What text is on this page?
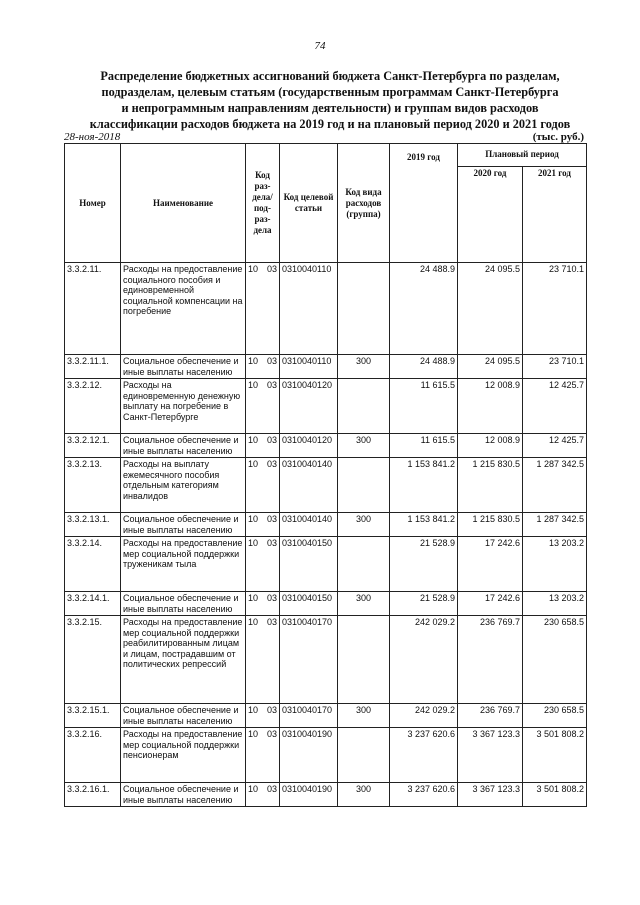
74
Распределение бюджетных ассигнований бюджета Санкт-Петербурга по разделам,
подразделам, целевым статьям (государственным программам Санкт-Петербурга
и непрограммным направлениям деятельности) и группам видов расходов
классификации расходов бюджета на 2019 год и на плановый период 2020 и 2021 годов
28-ноя-2018	(тыс. руб.)
Номер	Наименование	Код раз-дела/ под-раз-дела	Код целевой статьи	Код вида расходов (группа)	2019 год	Плановый период	
						2020 год	2021 год
3.3.2.11.	Расходы на предоставление социального пособия и единовременной социальной компенсации на погребение	10 03	0310040110		24 488.9	24 095.5	23 710.1
3.3.2.11.1.	Социальное обеспечение и иные выплаты населению	10 03	0310040110	300	24 488.9	24 095.5	23 710.1
3.3.2.12.	Расходы на единовременную денежную выплату на погребение в Санкт-Петербурге	10 03	0310040120		11 615.5	12 008.9	12 425.7
3.3.2.12.1.	Социальное обеспечение и иные выплаты населению	10 03	0310040120	300	11 615.5	12 008.9	12 425.7
3.3.2.13.	Расходы на выплату ежемесячного пособия отдельным категориям инвалидов	10 03	0310040140		1 153 841.2	1 215 830.5	1 287 342.5
3.3.2.13.1.	Социальное обеспечение и иные выплаты населению	10 03	0310040140	300	1 153 841.2	1 215 830.5	1 287 342.5
3.3.2.14.	Расходы на предоставление мер социальной поддержки труженикам тыла	10 03	0310040150		21 528.9	17 242.6	13 203.2
3.3.2.14.1.	Социальное обеспечение и иные выплаты населению	10 03	0310040150	300	21 528.9	17 242.6	13 203.2
3.3.2.15.	Расходы на предоставление мер социальной поддержки реабилитированным лицам и лицам, пострадавшим от политических репрессий	10 03	0310040170		242 029.2	236 769.7	230 658.5
3.3.2.15.1.	Социальное обеспечение и иные выплаты населению	10 03	0310040170	300	242 029.2	236 769.7	230 658.5
3.3.2.16.	Расходы на предоставление мер социальной поддержки пенсионерам	10 03	0310040190		3 237 620.6	3 367 123.3	3 501 808.2
3.3.2.16.1.	Социальное обеспечение и иные выплаты населению	10 03	0310040190	300	3 237 620.6	3 367 123.3	3 501 808.2
